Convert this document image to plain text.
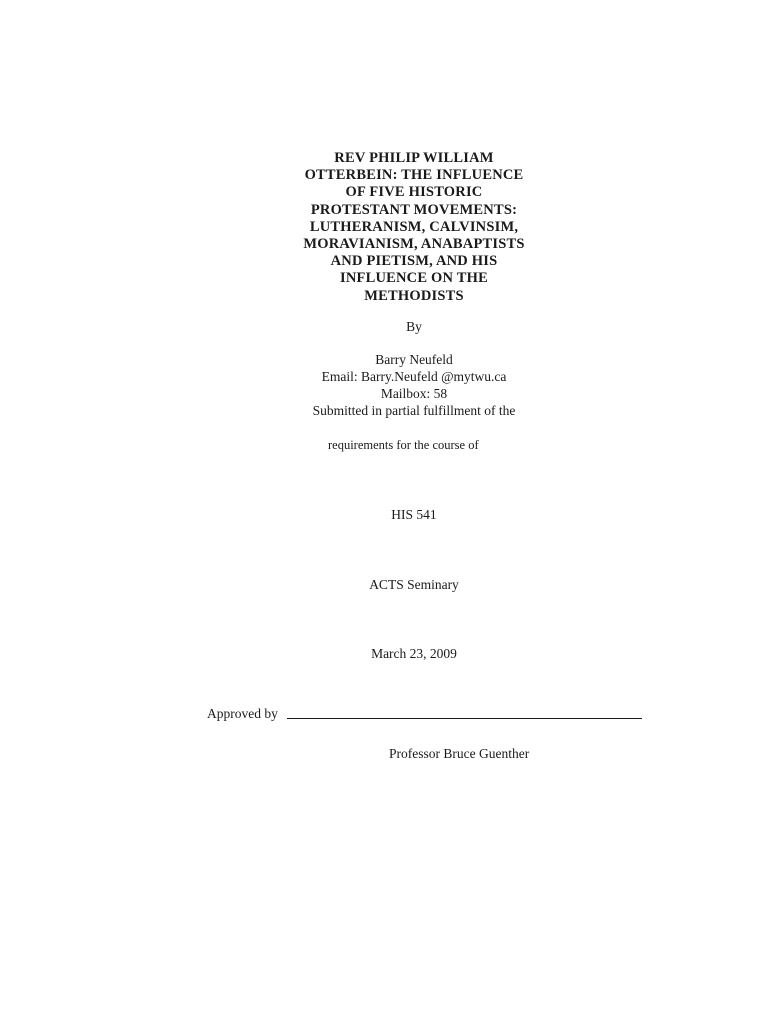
REV PHILIP WILLIAM
OTTERBEIN: THE INFLUENCE
OF FIVE HISTORIC
PROTESTANT MOVEMENTS:
LUTHERANISM, CALVINSIM,
MORAVIANISM, ANABAPTISTS
AND PIETISM, AND HIS
INFLUENCE ON THE
METHODISTS
By
Barry Neufeld
Email: Barry.Neufeld @mytwu.ca
Mailbox: 58
Submitted in partial fulfillment of the
requirements for the course of
HIS 541
ACTS Seminary
March 23, 2009
Approved by
Professor Bruce Guenther
